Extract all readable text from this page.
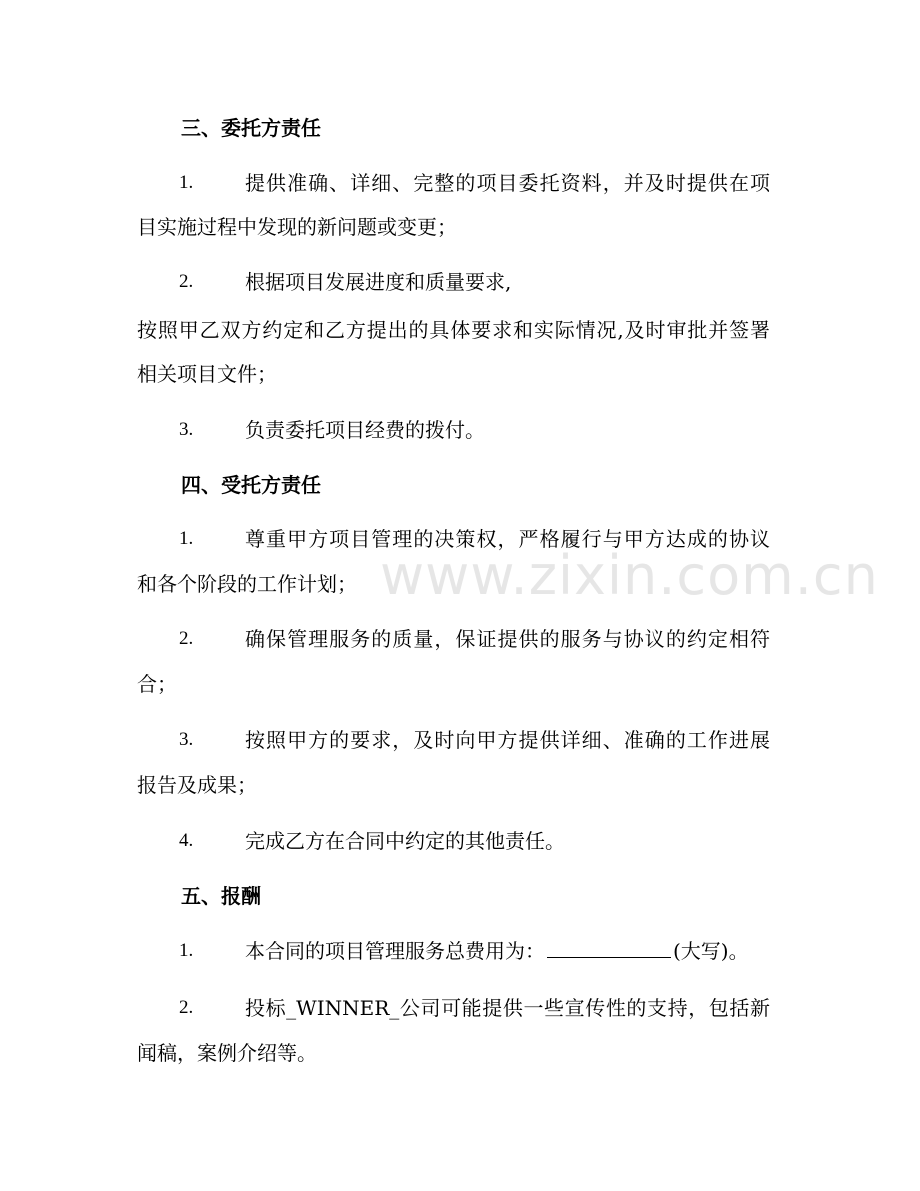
www.zixin.com.cn
三、委托方责任
1.	提供准确、详细、完整的项目委托资料，并及时提供在项
目实施过程中发现的新问题或变更；
2.	根据项目发展进度和质量要求,
按照甲乙双方约定和乙方提出的具体要求和实际情况,及时审批并签署
相关项目文件；
3.	负责委托项目经费的拨付。
四、受托方责任
1.	尊重甲方项目管理的决策权，严格履行与甲方达成的协议
和各个阶段的工作计划；
2.	确保管理服务的质量，保证提供的服务与协议的约定相符
合；
3.	按照甲方的要求，及时向甲方提供详细、准确的工作进展
报告及成果；
4.	完成乙方在合同中约定的其他责任。
五、报酬
1.	本合同的项目管理服务总费用为：	(大写)。
2.	投标_WINNER_公司可能提供一些宣传性的支持，包括新
闻稿，案例介绍等。
